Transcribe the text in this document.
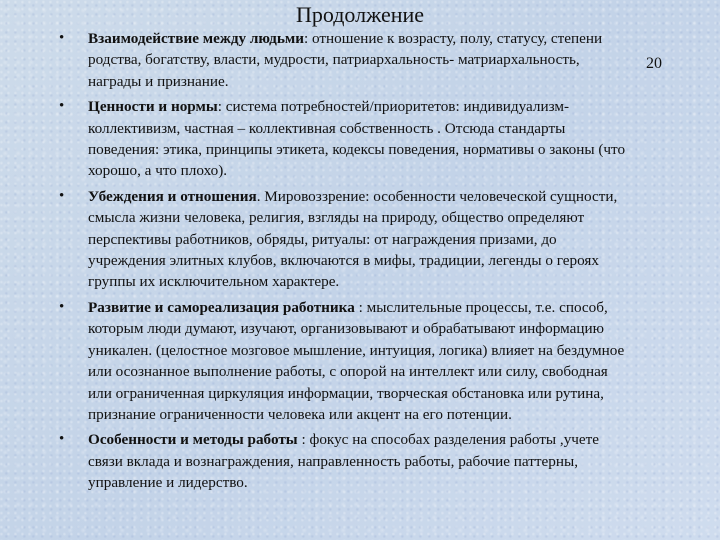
Продолжение
20
• Взаимодействие между людьми: отношение к возрасту, полу, статусу, степени родства, богатству, власти, мудрости, патриархальность- матриархальность, награды и признание.
• Ценности и нормы: система потребностей/приоритетов: индивидуализм-коллективизм, частная – коллективная собственность . Отсюда стандарты поведения: этика, принципы этикета, кодексы поведения, нормативы о законы (что хорошо, а что плохо).
• Убеждения и отношения. Мировоззрение: особенности человеческой сущности, смысла жизни человека, религия, взгляды на природу, общество определяют перспективы работников, обряды, ритуалы: от награждения призами, до учреждения элитных клубов, включаются в мифы, традиции, легенды о героях группы их исключительном характере.
• Развитие и самореализация работника : мыслительные процессы, т.е. способ, которым люди думают, изучают, организовывают и обрабатывают информацию уникален. (целостное мозговое мышление, интуиция, логика) влияет на бездумное или осознанное выполнение работы, с опорой на интеллект или силу, свободная или ограниченная циркуляция информации, творческая обстановка или рутина, признание ограниченности человека или акцент на его потенции.
• Особенности и методы работы : фокус на способах разделения работы ,учете связи вклада и вознаграждения, направленность работы, рабочие паттерны, управление и лидерство.
